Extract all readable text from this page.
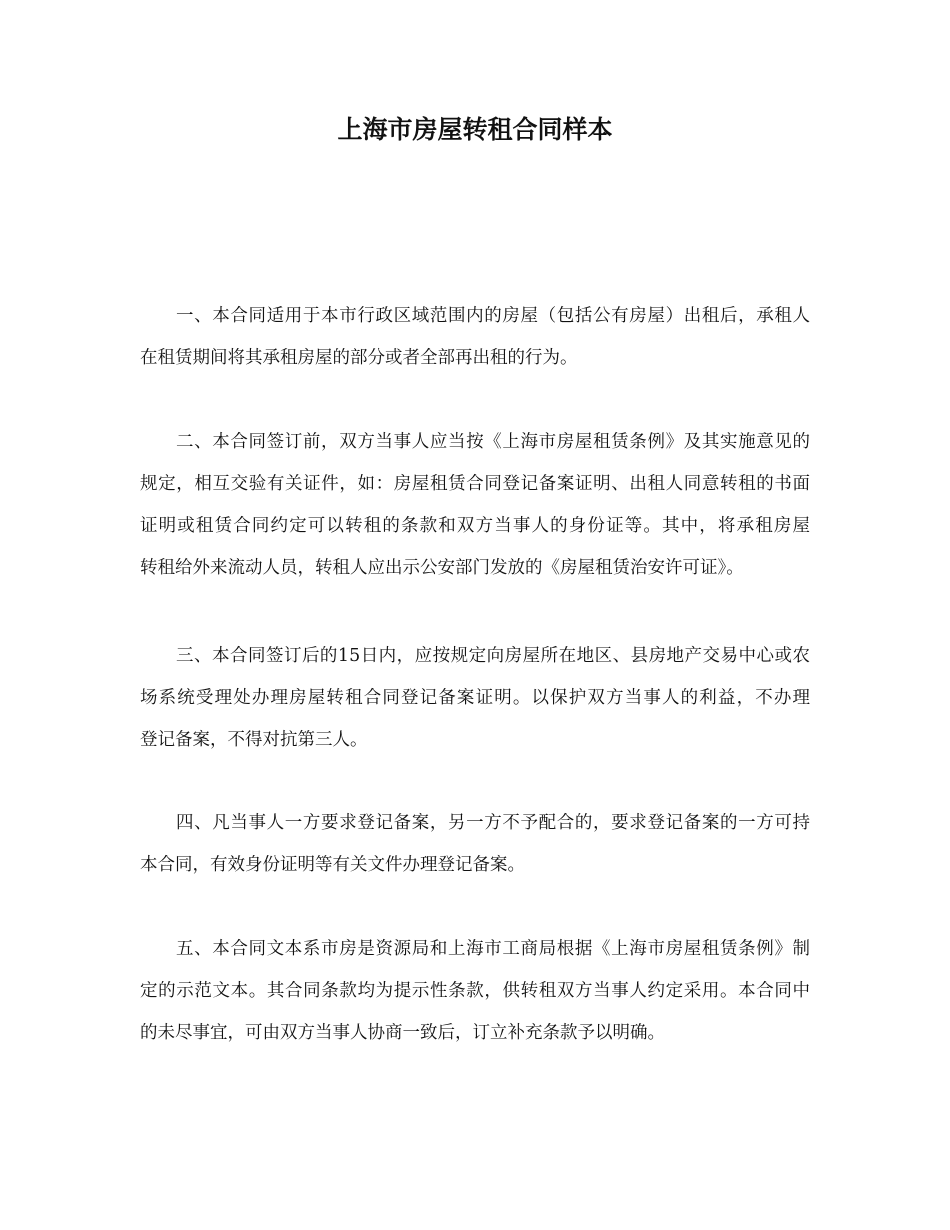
上海市房屋转租合同样本
一、本合同适用于本市行政区域范围内的房屋（包括公有房屋）出租后，承租人
在租赁期间将其承租房屋的部分或者全部再出租的行为。
二、本合同签订前，双方当事人应当按《上海市房屋租赁条例》及其实施意见的
规定，相互交验有关证件，如：房屋租赁合同登记备案证明、出租人同意转租的书面
证明或租赁合同约定可以转租的条款和双方当事人的身份证等。其中，将承租房屋
转租给外来流动人员，转租人应出示公安部门发放的《房屋租赁治安许可证》。
三、本合同签订后的15日内，应按规定向房屋所在地区、县房地产交易中心或农
场系统受理处办理房屋转租合同登记备案证明。以保护双方当事人的利益，不办理
登记备案，不得对抗第三人。
四、凡当事人一方要求登记备案，另一方不予配合的，要求登记备案的一方可持
本合同，有效身份证明等有关文件办理登记备案。
五、本合同文本系市房是资源局和上海市工商局根据《上海市房屋租赁条例》制
定的示范文本。其合同条款均为提示性条款，供转租双方当事人约定采用。本合同中
的未尽事宜，可由双方当事人协商一致后，订立补充条款予以明确。
